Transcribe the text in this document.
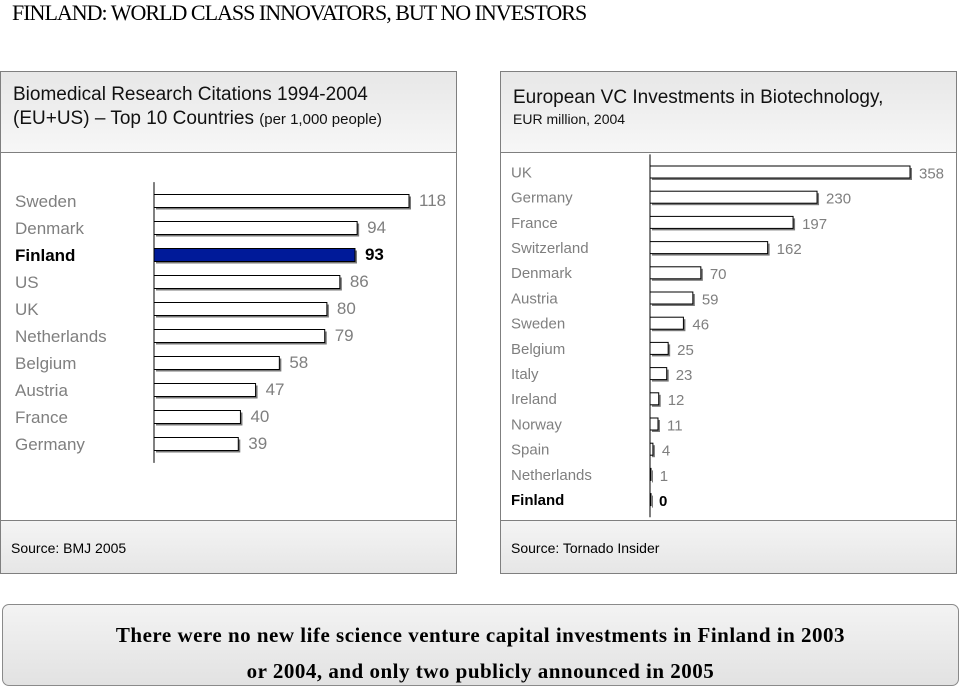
FINLAND: WORLD CLASS INNOVATORS, BUT NO INVESTORS
Biomedical Research Citations 1994-2004
(EU+US) – Top 10 Countries (per 1,000 people)
Sweden	118
Denmark	94
Finland	93
US	86
UK	80
Netherlands	79
Belgium	58
Austria	47
France	40
Germany	39
Source: BMJ 2005
European VC Investments in Biotechnology,
EUR million, 2004
UK	358
Germany	230
France	197
Switzerland	162
Denmark	70
Austria	59
Sweden	46
Belgium	25
Italy	23
Ireland	12
Norway	11
Spain	4
Netherlands	1
Finland	0
Source: Tornado Insider
There were no new life science venture capital investments in Finland in 2003
or 2004, and only two publicly announced in 2005
